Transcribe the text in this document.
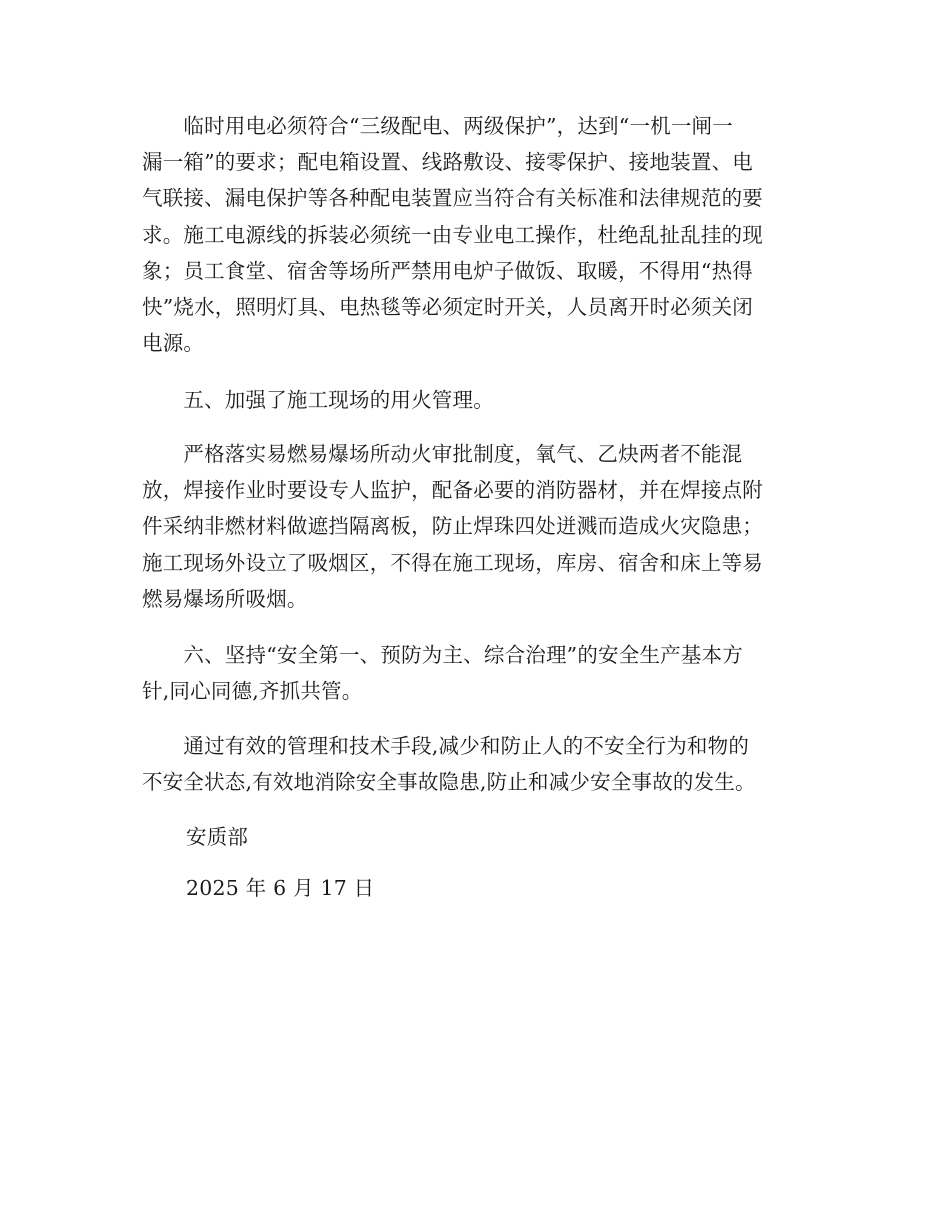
　　临时用电必须符合“三级配电、两级保护”，达到“一机一闸一
漏一箱”的要求；配电箱设置、线路敷设、接零保护、接地装置、电
气联接、漏电保护等各种配电装置应当符合有关标准和法律规范的要
求。施工电源线的拆装必须统一由专业电工操作，杜绝乱扯乱挂的现
象；员工食堂、宿舍等场所严禁用电炉子做饭、取暖，不得用“热得
快”烧水，照明灯具、电热毯等必须定时开关，人员离开时必须关闭
电源。
　　五、加强了施工现场的用火管理。
　　严格落实易燃易爆场所动火审批制度，氧气、乙炔两者不能混
放，焊接作业时要设专人监护，配备必要的消防器材，并在焊接点附
件采纳非燃材料做遮挡隔离板，防止焊珠四处迸溅而造成火灾隐患；
施工现场外设立了吸烟区，不得在施工现场，库房、宿舍和床上等易
燃易爆场所吸烟。
　　六、坚持“安全第一、预防为主、综合治理”的安全生产基本方
针,同心同德,齐抓共管。
　　通过有效的管理和技术手段,减少和防止人的不安全行为和物的
不安全状态,有效地消除安全事故隐患,防止和减少安全事故的发生。
安质部
2025 年 6 月 17 日
